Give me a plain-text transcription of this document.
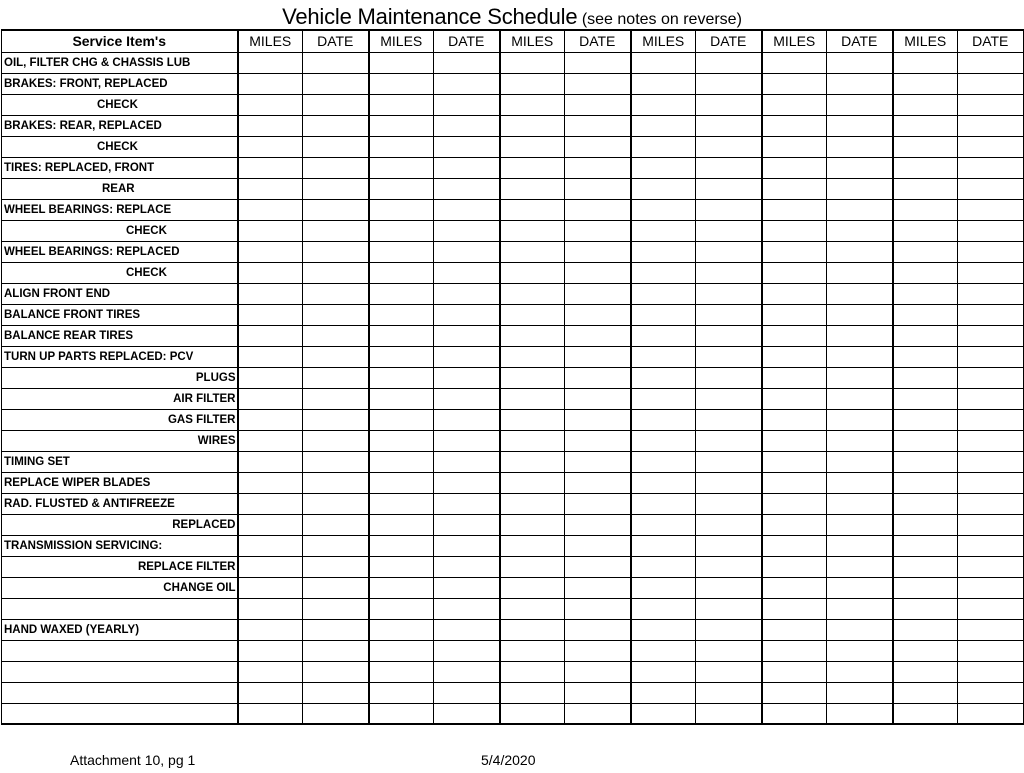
Vehicle Maintenance Schedule (see notes on reverse)
Service Item's	MILES	DATE	MILES	DATE	MILES	DATE	MILES	DATE	MILES	DATE	MILES	DATE
OIL, FILTER CHG & CHASSIS LUB												
BRAKES: FRONT, REPLACED												
CHECK												
BRAKES: REAR, REPLACED												
CHECK												
TIRES: REPLACED, FRONT												
REAR												
WHEEL BEARINGS: REPLACE												
CHECK												
WHEEL BEARINGS: REPLACED												
CHECK												
ALIGN FRONT END												
BALANCE FRONT TIRES												
BALANCE REAR TIRES												
TURN UP PARTS REPLACED: PCV												
PLUGS												
AIR FILTER												
GAS FILTER												
WIRES												
TIMING SET												
REPLACE WIPER BLADES												
RAD. FLUSTED & ANTIFREEZE												
REPLACED												
TRANSMISSION SERVICING:												
REPLACE FILTER												
CHANGE OIL												

HAND WAXED (YEARLY)												

Attachment 10, pg 1	5/4/2020
